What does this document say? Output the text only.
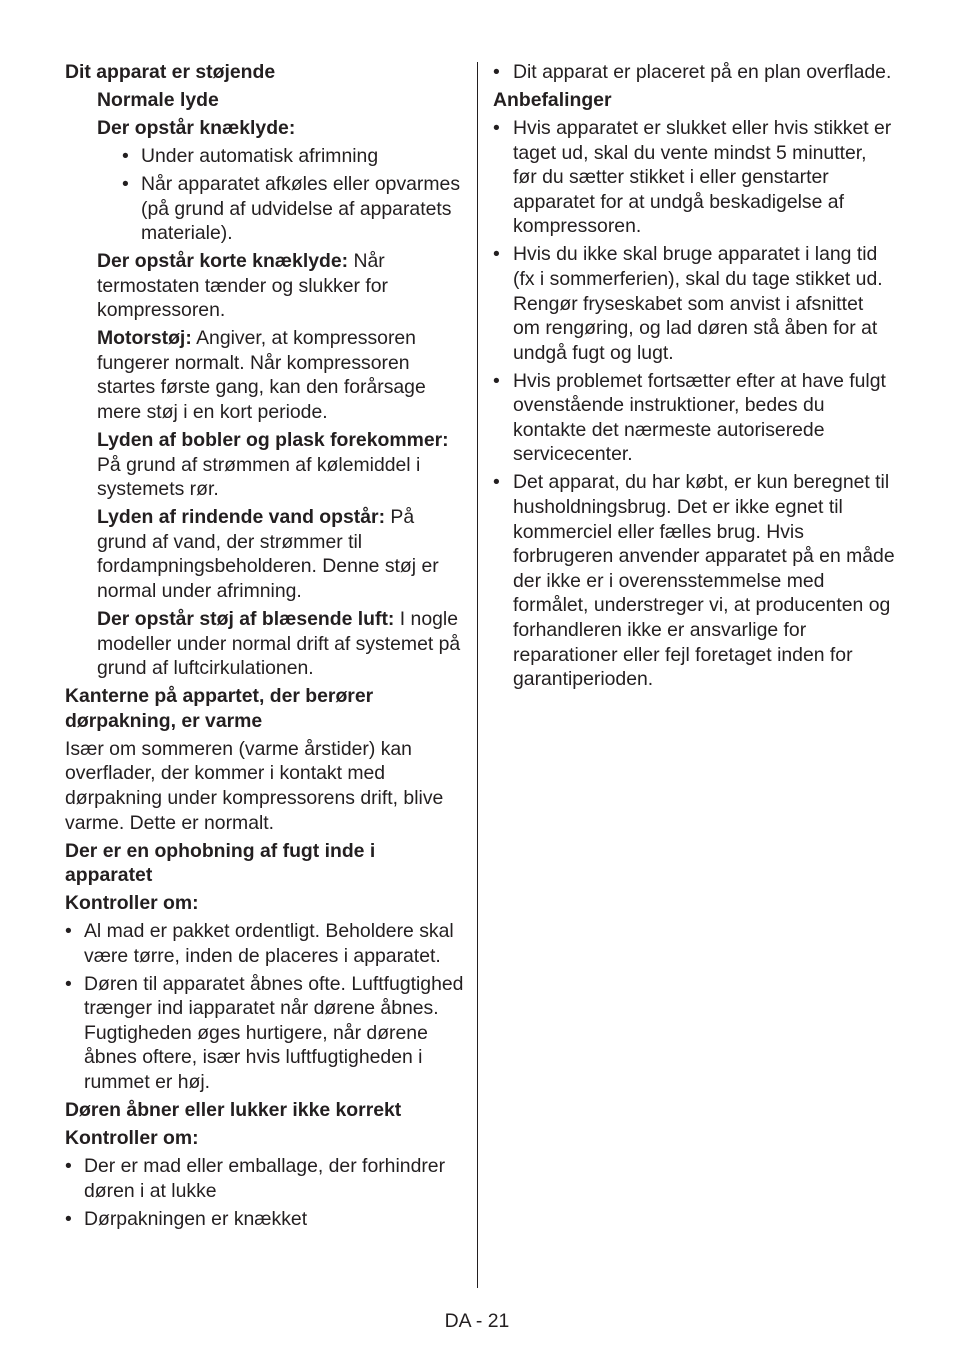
Dit apparat er støjende
Normale lyde
Der opstår knæklyde:
• Under automatisk afrimning
• Når apparatet afkøles eller opvarmes (på grund af udvidelse af apparatets materiale).
Der opstår korte knæklyde: Når termostaten tænder og slukker for kompressoren.
Motorstøj: Angiver, at kompressoren fungerer normalt. Når kompressoren startes første gang, kan den forårsage mere støj i en kort periode.
Lyden af bobler og plask forekommer: På grund af strømmen af kølemiddel i systemets rør.
Lyden af rindende vand opstår: På grund af vand, der strømmer til fordampningsbeholderen. Denne støj er normal under afrimning.
Der opstår støj af blæsende luft: I nogle modeller under normal drift af systemet på grund af luftcirkulationen.
Kanterne på appartet, der berører dørpakning, er varme
Især om sommeren (varme årstider) kan overflader, der kommer i kontakt med dørpakning under kompressorens drift, blive varme. Dette er normalt.
Der er en ophobning af fugt inde i apparatet
Kontroller om:
• Al mad er pakket ordentligt. Beholdere skal være tørre, inden de placeres i apparatet.
• Døren til apparatet åbnes ofte. Luftfugtighed trænger ind iapparatet når dørene åbnes. Fugtigheden øges hurtigere, når dørene åbnes oftere, især hvis luftfugtigheden i rummet er høj.
Døren åbner eller lukker ikke korrekt
Kontroller om:
• Der er mad eller emballage, der forhindrer døren i at lukke
• Dørpakningen er knækket
• Dit apparat er placeret på en plan overflade.
Anbefalinger
• Hvis apparatet er slukket eller hvis stikket er taget ud, skal du vente mindst 5 minutter, før du sætter stikket i eller genstarter apparatet for at undgå beskadigelse af kompressoren.
• Hvis du ikke skal bruge apparatet i lang tid (fx i sommerferien), skal du tage stikket ud. Rengør fryseskabet som anvist i afsnittet om rengøring, og lad døren stå åben for at undgå fugt og lugt.
• Hvis problemet fortsætter efter at have fulgt ovenstående instruktioner, bedes du kontakte det nærmeste autoriserede servicecenter.
• Det apparat, du har købt, er kun beregnet til husholdningsbrug. Det er ikke egnet til kommerciel eller fælles brug. Hvis forbrugeren anvender apparatet på en måde der ikke er i overensstemmelse med formålet, understreger vi, at producenten og forhandleren ikke er ansvarlige for reparationer eller fejl foretaget inden for garantiperioden.
DA - 21
